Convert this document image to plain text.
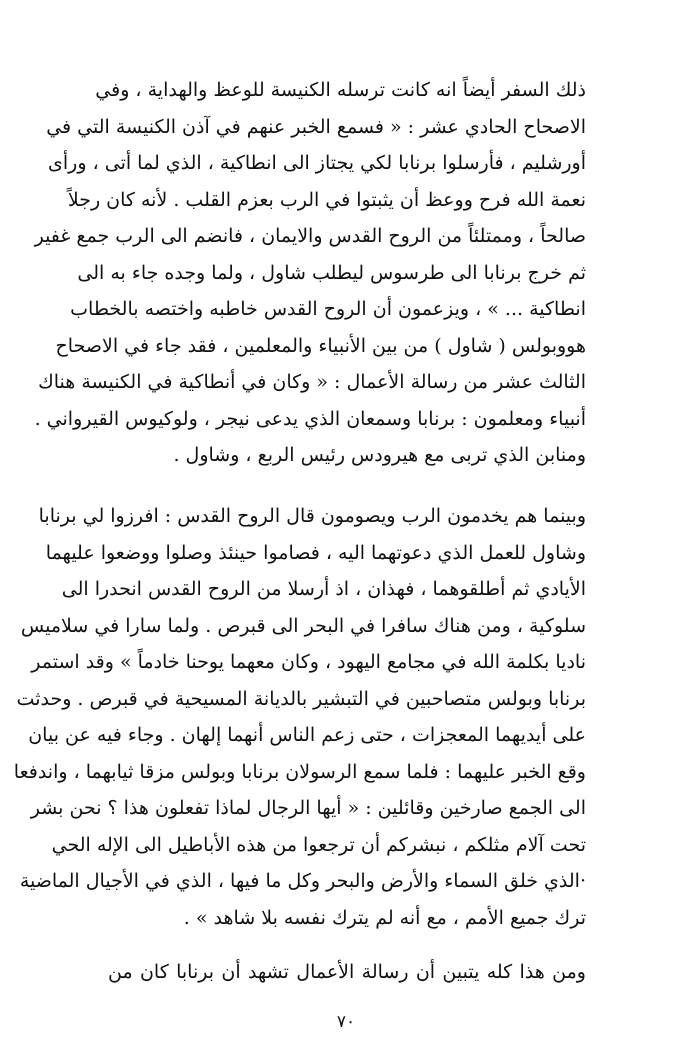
ذلك السفر أيضاً انه كانت ترسله الكنيسة للوعظ والهداية ، وفي
الاصحاح الحادي عشر : « فسمع الخبر عنهم في آذن الكنيسة التي في
أورشليم ، فأرسلوا برنابا لكي يجتاز الى انطاكية ، الذي لما أتى ، ورأى
نعمة الله فرح ووعظ أن يثبتوا في الرب بعزم القلب . لأنه كان رجلاً
صالحاً ، وممتلئاً من الروح القدس والايمان ، فانضم الى الرب جمع غفير
ثم خرج برنابا الى طرسوس ليطلب شاول ، ولما وجده جاء به الى
انطاكية ... » ، ويزعمون أن الروح القدس خاطبه واختصه بالخطاب
هووبولس ( شاول ) من بين الأنبياء والمعلمين ، فقد جاء في الاصحاح
الثالث عشر من رسالة الأعمال : « وكان في أنطاكية في الكنيسة هناك
أنبياء ومعلمون : برنابا وسمعان الذي يدعى نيجر ، ولوكيوس القيرواني .
ومنابن الذي تربى مع هيرودس رئيس الربع ، وشاول .
وبينما هم يخدمون الرب ويصومون قال الروح القدس : افرزوا لي برنابا
وشاول للعمل الذي دعوتهما اليه ، فصاموا حينئذ وصلوا ووضعوا عليهما
الأيادي ثم أطلقوهما ، فهذان ، اذ أرسلا من الروح القدس انحدرا الى
سلوكية ، ومن هناك سافرا في البحر الى قبرص . ولما سارا في سلاميس
ناديا بكلمة الله في مجامع اليهود ، وكان معهما يوحنا خادماً » وقد استمر
برنابا وبولس متصاحبين في التبشير بالديانة المسيحية في قبرص . وحدثت
على أيديهما المعجزات ، حتى زعم الناس أنهما إلهان . وجاء فيه عن بيان
وقع الخبر عليهما : فلما سمع الرسولان برنابا وبولس مزقا ثيابهما ، واندفعا
الى الجمع صارخين وقائلين : « أيها الرجال لماذا تفعلون هذا ؟ نحن بشر
تحت آلام مثلكم ، نبشركم أن ترجعوا من هذه الأباطيل الى الإله الحي
·الذي خلق السماء والأرض والبحر وكل ما فيها ، الذي في الأجيال الماضية
ترك جميع الأمم ، مع أنه لم يترك نفسه بلا شاهد » .
ومن هذا كله يتبين أن رسالة الأعمال تشهد أن برنابا كان من
٧٠
